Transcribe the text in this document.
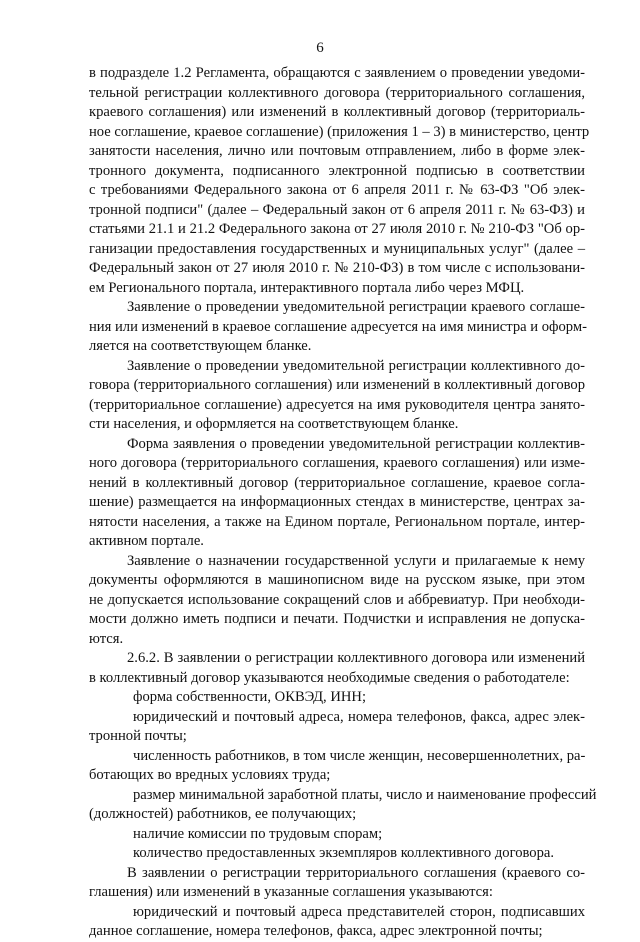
6
в подразделе 1.2 Регламента, обращаются с заявлением о проведении уведоми-
тельной регистрации коллективного договора (территориального соглашения,
краевого соглашения) или изменений в коллективный договор (территориаль-
ное соглашение, краевое соглашение) (приложения 1 – 3) в министерство, центр
занятости населения, лично или почтовым отправлением, либо в форме элек-
тронного документа, подписанного электронной подписью в соответствии
с требованиями Федерального закона от 6 апреля 2011 г. № 63-ФЗ "Об элек-
тронной подписи" (далее – Федеральный закон от 6 апреля 2011 г. № 63-ФЗ) и
статьями 21.1 и 21.2 Федерального закона от 27 июля 2010 г. № 210-ФЗ "Об ор-
ганизации предоставления государственных и муниципальных услуг" (далее –
Федеральный закон от 27 июля 2010 г. № 210-ФЗ) в том числе с использовани-
ем Регионального портала, интерактивного портала либо через МФЦ.
Заявление о проведении уведомительной регистрации краевого соглаше-
ния или изменений в краевое соглашение адресуется на имя министра и оформ-
ляется на соответствующем бланке.
Заявление о проведении уведомительной регистрации коллективного до-
говора (территориального соглашения) или изменений в коллективный договор
(территориальное соглашение) адресуется на имя руководителя центра занято-
сти населения, и оформляется на соответствующем бланке.
Форма заявления о проведении уведомительной регистрации коллектив-
ного договора (территориального соглашения, краевого соглашения) или изме-
нений в коллективный договор (территориальное соглашение, краевое согла-
шение) размещается на информационных стендах в министерстве, центрах за-
нятости населения, а также на Едином портале, Региональном портале, интер-
активном портале.
Заявление о назначении государственной услуги и прилагаемые к нему
документы оформляются в машинописном виде на русском языке, при этом
не допускается использование сокращений слов и аббревиатур. При необходи-
мости должно иметь подписи и печати. Подчистки и исправления не допуска-
ются.
2.6.2. В заявлении о регистрации коллективного договора или изменений
в коллективный договор указываются необходимые сведения о работодателе:
форма собственности, ОКВЭД, ИНН;
юридический и почтовый адреса, номера телефонов, факса, адрес элек-
тронной почты;
численность работников, в том числе женщин, несовершеннолетних, ра-
ботающих во вредных условиях труда;
размер минимальной заработной платы, число и наименование профессий
(должностей) работников, ее получающих;
наличие комиссии по трудовым спорам;
количество предоставленных экземпляров коллективного договора.
В заявлении о регистрации территориального соглашения (краевого со-
глашения) или изменений в указанные соглашения указываются:
юридический и почтовый адреса представителей сторон, подписавших
данное соглашение, номера телефонов, факса, адрес электронной почты;
